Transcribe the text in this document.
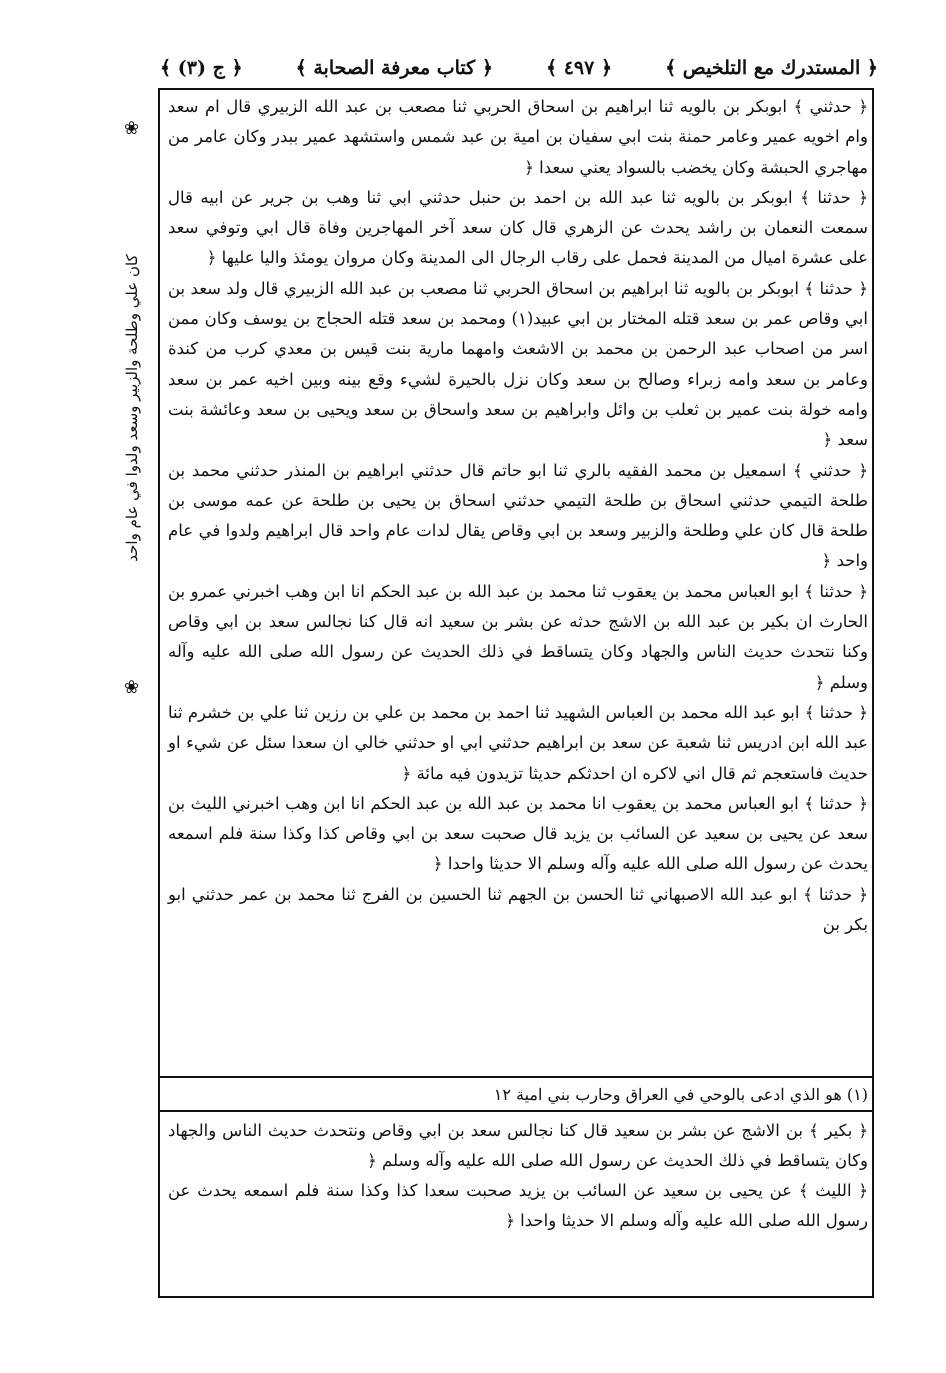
﴿ المستدرك مع التلخيص ﴾
﴿ ٤٩٧ ﴾
﴿ كتاب معرفة الصحابة ﴾
﴿ ج (٣) ﴾
❀
كان علي وطلحة والزبير وسعد ولدوا في عام واحد
❀

﴿ حدثني ﴾ ابوبكر بن بالويه ثنا ابراهيم بن اسحاق الحربي ثنا مصعب بن عبد الله الزبيري قال ام سعد وام اخويه عمير وعامر حمنة بنت ابي سفيان بن امية بن عبد شمس واستشهد عمير ببدر وكان عامر من مهاجري الحبشة وكان يخضب بالسواد يعني سعدا ﴿

﴿ حدثنا ﴾ ابوبكر بن بالويه ثنا عبد الله بن احمد بن حنبل حدثني ابي ثنا وهب بن جرير عن ابيه قال سمعت النعمان بن راشد يحدث عن الزهري قال كان سعد آخر المهاجرين وفاة قال ابي وتوفي سعد على عشرة اميال من المدينة فحمل على رقاب الرجال الى المدينة وكان مروان يومئذ واليا عليها ﴿

﴿ حدثنا ﴾ ابوبكر بن بالويه ثنا ابراهيم بن اسحاق الحربي ثنا مصعب بن عبد الله الزبيري قال ولد سعد بن ابي وقاص عمر بن سعد قتله المختار بن ابي عبيد(١) ومحمد بن سعد قتله الحجاج بن يوسف وكان ممن اسر من اصحاب عبد الرحمن بن محمد بن الاشعث وامهما مارية بنت قيس بن معدي كرب من كندة وعامر بن سعد وامه زبراء وصالح بن سعد وكان نزل بالحيرة لشيء وقع بينه وبين اخيه عمر بن سعد وامه خولة بنت عمير بن ثعلب بن وائل وابراهيم بن سعد واسحاق بن سعد ويحيى بن سعد وعائشة بنت سعد ﴿

﴿ حدثني ﴾ اسمعيل بن محمد الفقيه بالري ثنا ابو حاتم قال حدثني ابراهيم بن المنذر حدثني محمد بن طلحة التيمي حدثني اسحاق بن طلحة التيمي حدثني اسحاق بن يحيى بن طلحة عن عمه موسى بن طلحة قال كان علي وطلحة والزبير وسعد بن ابي وقاص يقال لدات عام واحد قال ابراهيم ولدوا في عام واحد ﴿

﴿ حدثنا ﴾ ابو العباس محمد بن يعقوب ثنا محمد بن عبد الله بن عبد الحكم انا ابن وهب اخبرني عمرو بن الحارث ان بكير بن عبد الله بن الاشج حدثه عن بشر بن سعيد انه قال كنا نجالس سعد بن ابي وقاص وكنا نتحدث حديث الناس والجهاد وكان يتساقط في ذلك الحديث عن رسول الله صلى الله عليه وآله وسلم ﴿

﴿ حدثنا ﴾ ابو عبد الله محمد بن العباس الشهيد ثنا احمد بن محمد بن علي بن رزين ثنا علي بن خشرم ثنا عبد الله ابن ادريس ثنا شعبة عن سعد بن ابراهيم حدثني ابي او حدثني خالي ان سعدا سئل عن شيء او حديث فاستعجم ثم قال اني لاكره ان احدثكم حديثا تزيدون فيه مائة ﴿

﴿ حدثنا ﴾ ابو العباس محمد بن يعقوب انا محمد بن عبد الله بن عبد الحكم انا ابن وهب اخبرني الليث بن سعد عن يحيى بن سعيد عن السائب بن يزيد قال صحبت سعد بن ابي وقاص كذا وكذا سنة فلم اسمعه يحدث عن رسول الله صلى الله عليه وآله وسلم الا حديثا واحدا ﴿

﴿ حدثنا ﴾ ابو عبد الله الاصبهاني ثنا الحسن بن الجهم ثنا الحسين بن الفرج ثنا محمد بن عمر حدثني ابو بكر بن

(١) هو الذي ادعى بالوحي في العراق وحارب بني امية ١٢

﴿ بكير ﴾ بن الاشج عن بشر بن سعيد قال كنا نجالس سعد بن ابي وقاص ونتحدث حديث الناس والجهاد وكان يتساقط في ذلك الحديث عن رسول الله صلى الله عليه وآله وسلم ﴿

﴿ الليث ﴾ عن يحيى بن سعيد عن السائب بن يزيد صحبت سعدا كذا وكذا سنة فلم اسمعه يحدث عن رسول الله صلى الله عليه وآله وسلم الا حديثا واحدا ﴿
